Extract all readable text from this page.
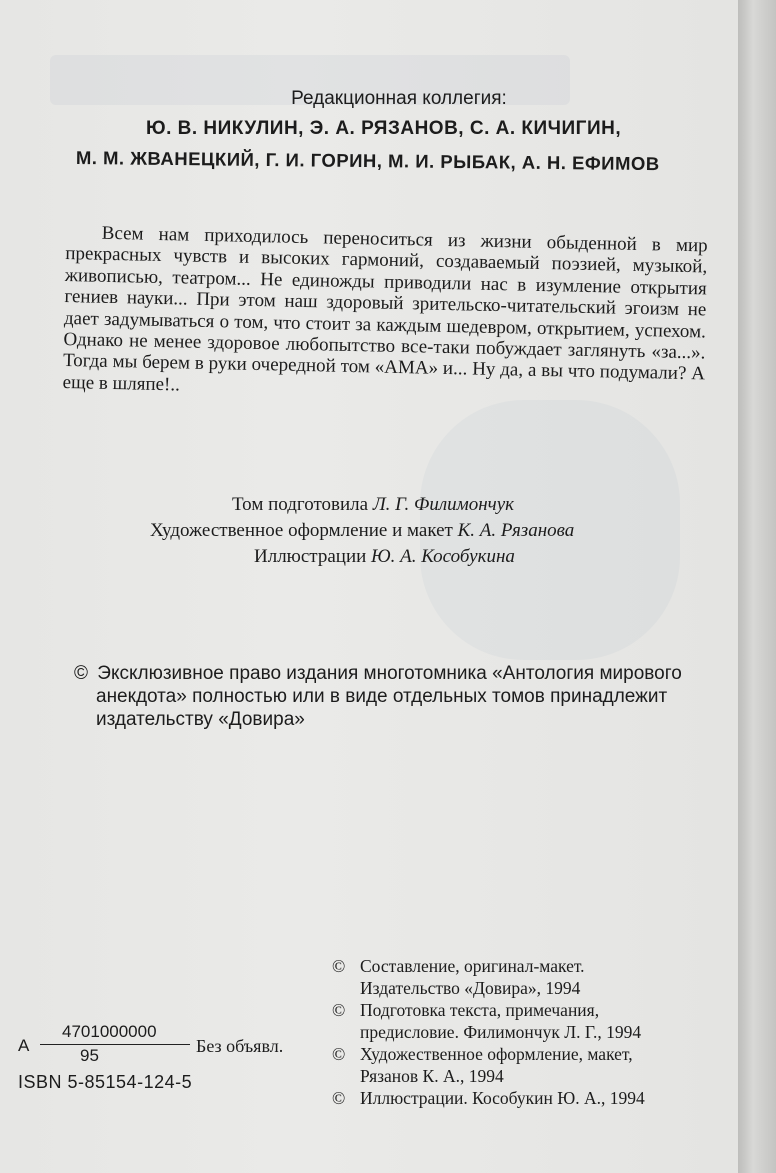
Редакционная коллегия:
Ю. В. НИКУЛИН, Э. А. РЯЗАНОВ, С. А. КИЧИГИН,
М. М. ЖВАНЕЦКИЙ, Г. И. ГОРИН, М. И. РЫБАК, А. Н. ЕФИМОВ
Всем нам приходилось переноситься из жизни обыденной в мир прекрасных чувств и высоких гармоний, создаваемый поэзией, музыкой, живописью, театром... Не единожды приводили нас в изумление открытия гениев науки... При этом наш здоровый зрительско-читательский эгоизм не дает задумываться о том, что стоит за каждым шедевром, открытием, успехом. Однако не менее здоровое любопытство все-таки побуждает заглянуть «за...». Тогда мы берем в руки очередной том «АМА» и... Ну да, а вы что подумали? А еще в шляпе!..
Том подготовила Л. Г. Филимончук
Художественное оформление и макет К. А. Рязанова
Иллюстрации Ю. А. Кособукина
© Эксклюзивное право издания многотомника «Антология мирового
анекдота» полностью или в виде отдельных томов принадлежит
издательству «Довира»
© Составление, оригинал-макет.
Издательство «Довира», 1994
© Подготовка текста, примечания,
предисловие. Филимончук Л. Г., 1994
© Художественное оформление, макет,
Рязанов К. А., 1994
© Иллюстрации. Кособукин Ю. А., 1994
А
4701000000
95	Без объявл.
ISBN 5-85154-124-5
